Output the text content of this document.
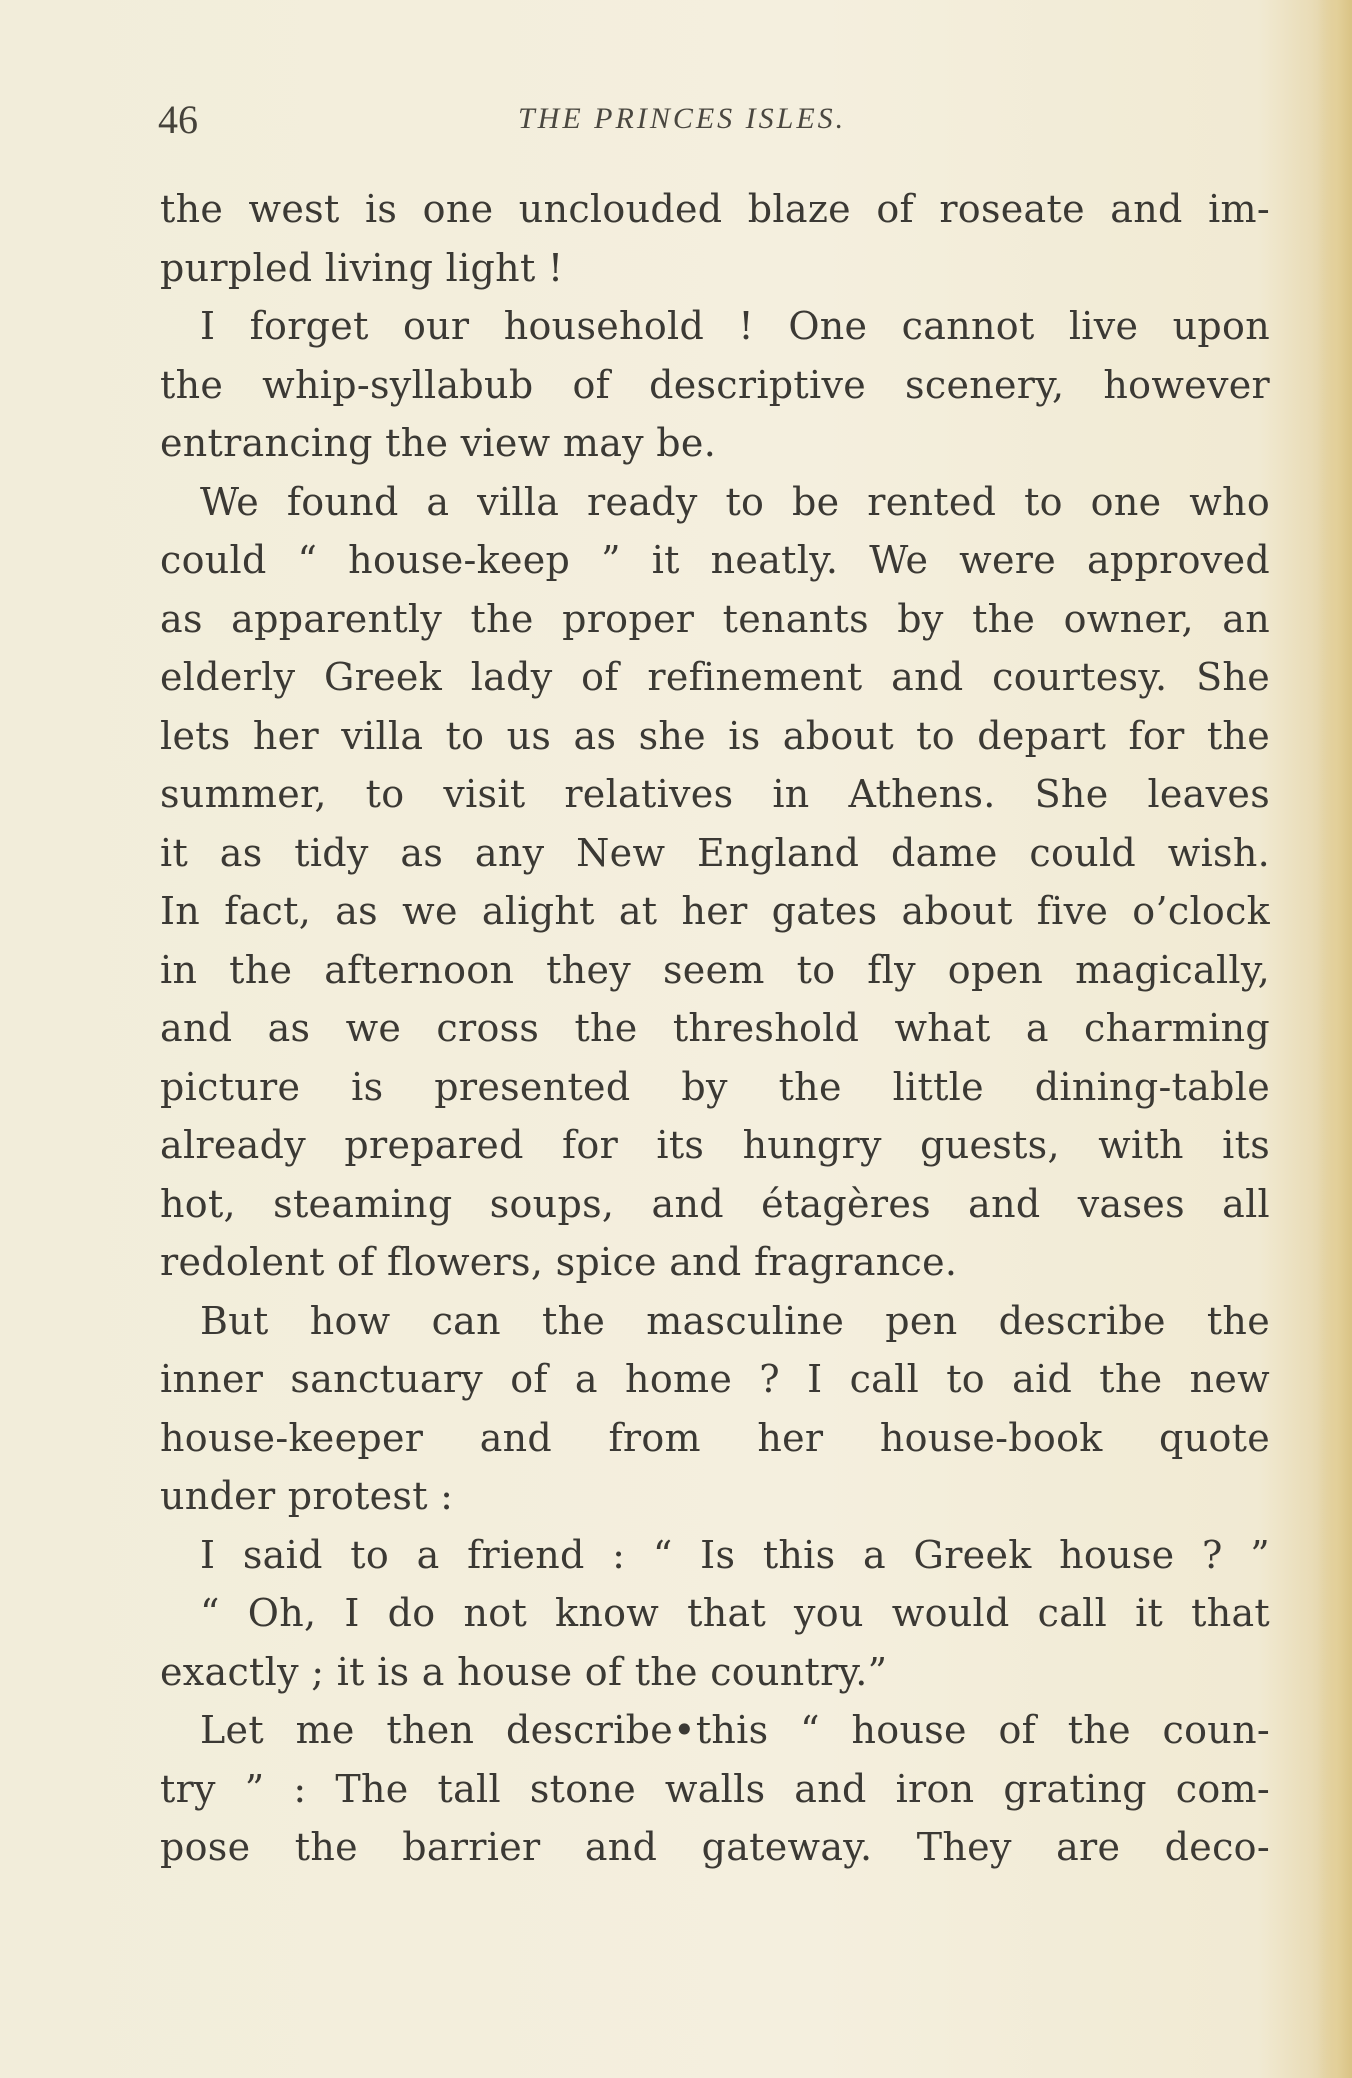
46	THE PRINCES ISLES.
the west is one unclouded blaze of roseate and im-
purpled living light !
I forget our household ! One cannot live upon
the whip-syllabub of descriptive scenery, however
entrancing the view may be.
We found a villa ready to be rented to one who
could “ house-keep ” it neatly. We were approved
as apparently the proper tenants by the owner, an
elderly Greek lady of refinement and courtesy. She
lets her villa to us as she is about to depart for the
summer, to visit relatives in Athens. She leaves
it as tidy as any New England dame could wish.
In fact, as we alight at her gates about five o’clock
in the afternoon they seem to fly open magically,
and as we cross the threshold what a charming
picture is presented by the little dining-table
already prepared for its hungry guests, with its
hot, steaming soups, and étagères and vases all
redolent of flowers, spice and fragrance.
But how can the masculine pen describe the
inner sanctuary of a home ? I call to aid the new
house-keeper and from her house-book quote
under protest :
I said to a friend : “ Is this a Greek house ? ”
“ Oh, I do not know that you would call it that
exactly ; it is a house of the country.”
Let me then describe•this “ house of the coun-
try ” : The tall stone walls and iron grating com-
pose the barrier and gateway. They are deco-
